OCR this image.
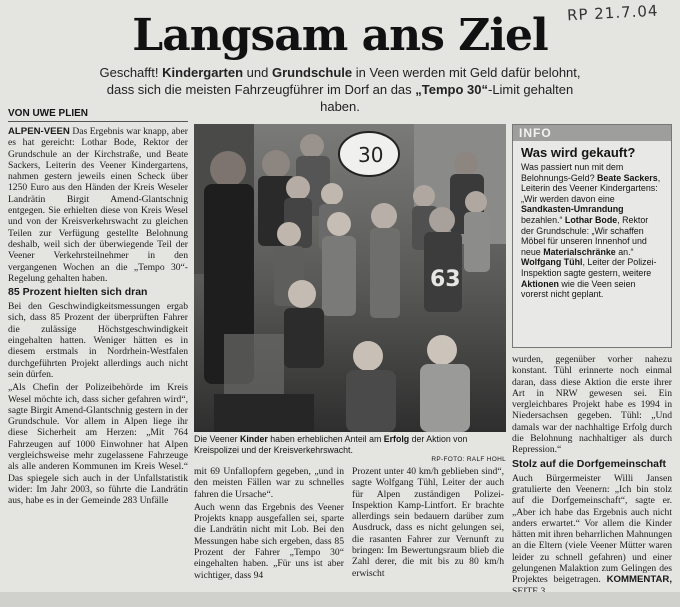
RP 21.7.04
Langsam ans Ziel
Geschafft! Kindergarten und Grundschule in Veen werden mit Geld dafür belohnt,
dass sich die meisten Fahrzeugführer im Dorf an das „Tempo 30“-Limit gehalten haben.
VON UWE PLIEN

ALPEN-VEEN Das Ergebnis war knapp, aber es hat gereicht: Lothar Bode, Rektor der Grundschule an der Kirchstraße, und Beate Sackers, Leiterin des Veener Kindergartens, nahmen gestern jeweils einen Scheck über 1250 Euro aus den Händen der Kreis Weseler Landrätin Birgit Amend-Glantschnig entgegen. Sie erhielten diese von Kreis Wesel und von der Kreisverkehrswacht zu gleichen Teilen zur Verfügung gestellte Belohnung deshalb, weil sich der überwiegende Teil der Veener Verkehrsteilnehmer in den vergangenen Wochen an die „Tempo 30“-Regelung gehalten haben.

85 Prozent hielten sich dran

Bei den Geschwindigkeitsmessungen ergab sich, dass 85 Prozent der überprüften Fahrer die zulässige Höchstgeschwindigkeit eingehalten hatten. Weniger hätten es in diesem erstmals in Nordrhein-Westfalen durchgeführten Projekt allerdings auch nicht sein dürfen.

„Als Chefin der Polizeibehörde im Kreis Wesel möchte ich, dass sicher gefahren wird“, sagte Birgit Amend-Glantschnig gestern in der Grundschule. Vor allem in Alpen liege ihr diese Sicherheit am Herzen: „Mit 764 Fahrzeugen auf 1000 Einwohner hat Alpen vergleichsweise mehr zugelassene Fahrzeuge als alle anderen Kommunen im Kreis Wesel.“ Das spiegele sich auch in der Unfallstatistik wider: Im Jahr 2003, so führte die Landrätin aus, habe es in der Gemeinde 283 Unfälle

30
63
Die Veener Kinder haben erheblichen Anteil am Erfolg der Aktion von Kreispolizei und der Kreisverkehrswacht.
RP-FOTO: RALF HOHL

mit 69 Unfallopfern gegeben, „und in den meisten Fällen war zu schnelles fahren die Ursache“.

Auch wenn das Ergebnis des Veener Projekts knapp ausgefallen sei, sparte die Landrätin nicht mit Lob. Bei den Messungen habe sich ergeben, dass 85 Prozent der Fahrer „Tempo 30“ eingehalten haben. „Für uns ist aber wichtiger, dass 94

Prozent unter 40 km/h geblieben sind“, sagte Wolfgang Tühl, Leiter der auch für Alpen zuständigen Polizei-Inspektion Kamp-Lintfort. Er brachte allerdings sein bedauern darüber zum Ausdruck, dass es nicht gelungen sei, die rasanten Fahrer zur Vernunft zu bringen: Im Bewertungsraum blieb die Zahl derer, die mit bis zu 80 km/h erwischt

INFO
Was wird gekauft?
Was passiert nun mit dem Belohnungs-Geld? Beate Sackers, Leiterin des Veener Kindergartens: „Wir werden davon eine Sandkasten-Umrandung bezahlen.“ Lothar Bode, Rektor der Grundschule: „Wir schaffen Möbel für unseren Innenhof und neue Materialschränke an.“ Wolfgang Tühl, Leiter der Polizei-Inspektion sagte gestern, weitere Aktionen wie die Veen seien vorerst nicht geplant.

wurden, gegenüber vorher nahezu konstant. Tühl erinnerte noch einmal daran, dass diese Aktion die erste ihrer Art in NRW gewesen sei. Ein vergleichbares Projekt habe es 1994 in Niedersachsen gegeben. Tühl: „Und damals war der nachhaltige Erfolg durch die Belohnung nachhaltiger als durch Repression.“

Stolz auf die Dorfgemeinschaft

Auch Bürgermeister Willi Jansen gratulierte den Veenern: „Ich bin stolz auf die Dorfgemeinschaft“, sagte er. „Aber ich habe das Ergebnis auch nicht anders erwartet.“ Vor allem die Kinder hätten mit ihren beharrlichen Mahnungen an die Eltern (viele Veener Mütter waren leider zu schnell gefahren) und einer gelungenen Malaktion zum Gelingen des Projektes beigetragen. KOMMENTAR,
